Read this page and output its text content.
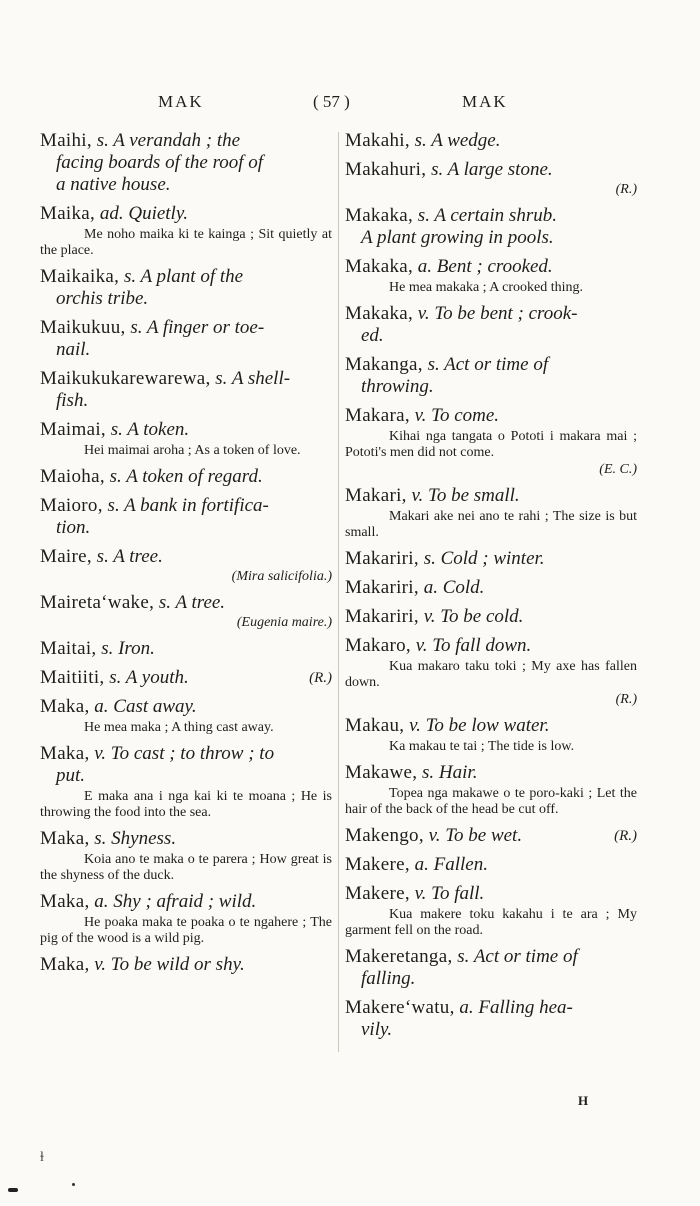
MAK	( 57 )	MAK
Maihi, s. A verandah ; the
facing boards of the roof of
a native house.
Maika, ad. Quietly.
Me noho maika ki te kainga ; Sit quietly at the place.
Maikaika, s. A plant of the
orchis tribe.
Maikukuu, s. A finger or toe-
nail.
Maikukukarewarewa, s. A shell-
fish.
Maimai, s. A token.
Hei maimai aroha ; As a token of love.
Maioha, s. A token of regard.
Maioro, s. A bank in fortifica-
tion.
Maire, s. A tree.
(Mira salicifolia.)
Mairetaʻwake, s. A tree.
(Eugenia maire.)
Maitai, s. Iron.
Maitiiti, s. A youth.	(R.)
Maka, a. Cast away.
He mea maka ; A thing cast away.
Maka, v. To cast ; to throw ; to
put.
E maka ana i nga kai ki te moana ; He is throwing the food into the sea.
Maka, s. Shyness.
Koia ano te maka o te parera ; How great is the shyness of the duck.
Maka, a. Shy ; afraid ; wild.
He poaka maka te poaka o te ngahere ; The pig of the wood is a wild pig.
Maka, v. To be wild or shy.
Makahi, s. A wedge.
Makahuri, s. A large stone.
(R.)
Makaka, s. A certain shrub.
A plant growing in pools.
Makaka, a. Bent ; crooked.
He mea makaka ; A crooked thing.
Makaka, v. To be bent ; crook-
ed.
Makanga, s. Act or time of
throwing.
Makara, v. To come.
Kihai nga tangata o Pototi i makara mai ; Pototi's men did not come.
(E. C.)
Makari, v. To be small.
Makari ake nei ano te rahi ; The size is but small.
Makariri, s. Cold ; winter.
Makariri, a. Cold.
Makariri, v. To be cold.
Makaro, v. To fall down.
Kua makaro taku toki ; My axe has fallen down.
(R.)
Makau, v. To be low water.
Ka makau te tai ; The tide is low.
Makawe, s. Hair.
Topea nga makawe o te poro-kaki ; Let the hair of the back of the head be cut off.
Makengo, v. To be wet.	(R.)
Makere, a. Fallen.
Makere, v. To fall.
Kua makere toku kakahu i te ara ; My garment fell on the road.
Makeretanga, s. Act or time of
falling.
Makereʻwatu, a. Falling hea-
vily.
H
ɫ
